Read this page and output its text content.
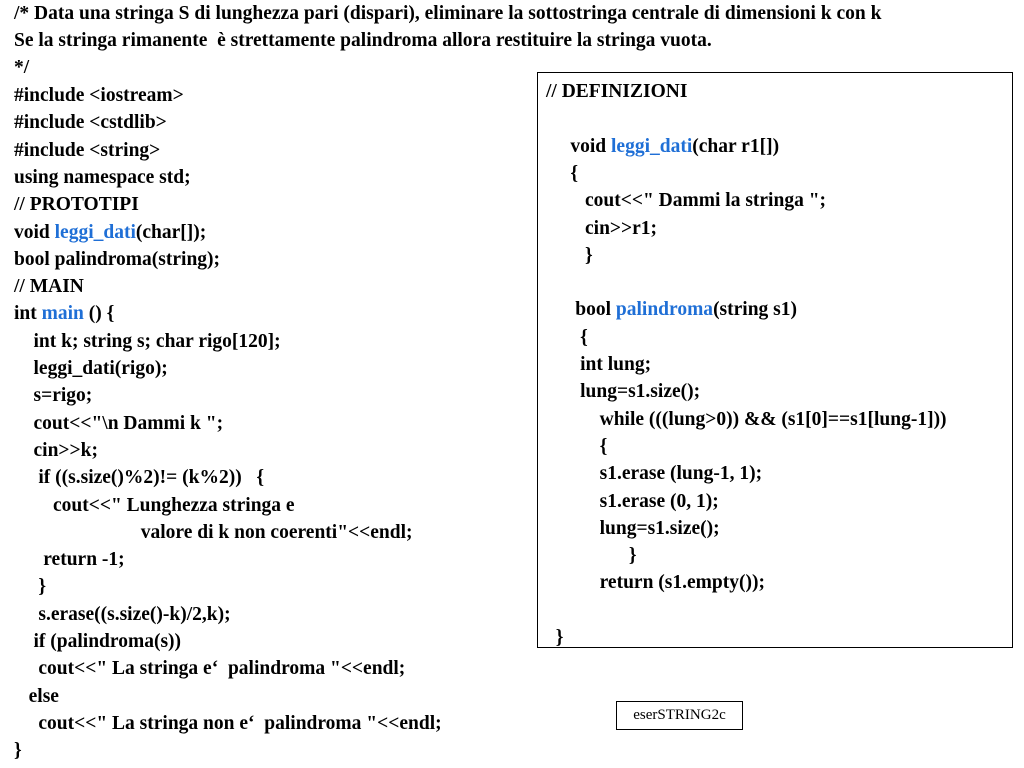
/* Data una stringa S di lunghezza pari (dispari), eliminare la sottostringa centrale di dimensioni k con k
Se la stringa rimanente  è strettamente palindroma allora restituire la stringa vuota.
*/
#include <iostream>
#include <cstdlib>
#include <string>
using namespace std;
// PROTOTIPI
void leggi_dati(char[]);
bool palindroma(string);
// MAIN
int main () {
int k; string s; char rigo[120];
leggi_dati(rigo);
s=rigo;
cout<<"\n Dammi k ";
cin>>k;
if ((s.size()%2)!= (k%2))   {
cout<<" Lunghezza stringa e
valore di k non coerenti"<<endl;
return -1;
}
s.erase((s.size()-k)/2,k);
if (palindroma(s))
cout<<" La stringa e‘  palindroma "<<endl;
else
cout<<" La stringa non e‘  palindroma "<<endl;
}
// DEFINIZIONI
void leggi_dati(char r1[])
{
cout<<" Dammi la stringa ";
cin>>r1;
}
bool palindroma(string s1)
{
int lung;
lung=s1.size();
while (((lung>0)) && (s1[0]==s1[lung-1]))
{
s1.erase (lung-1, 1);
s1.erase (0, 1);
lung=s1.size();
}
return (s1.empty());
}
eserSTRING2c
